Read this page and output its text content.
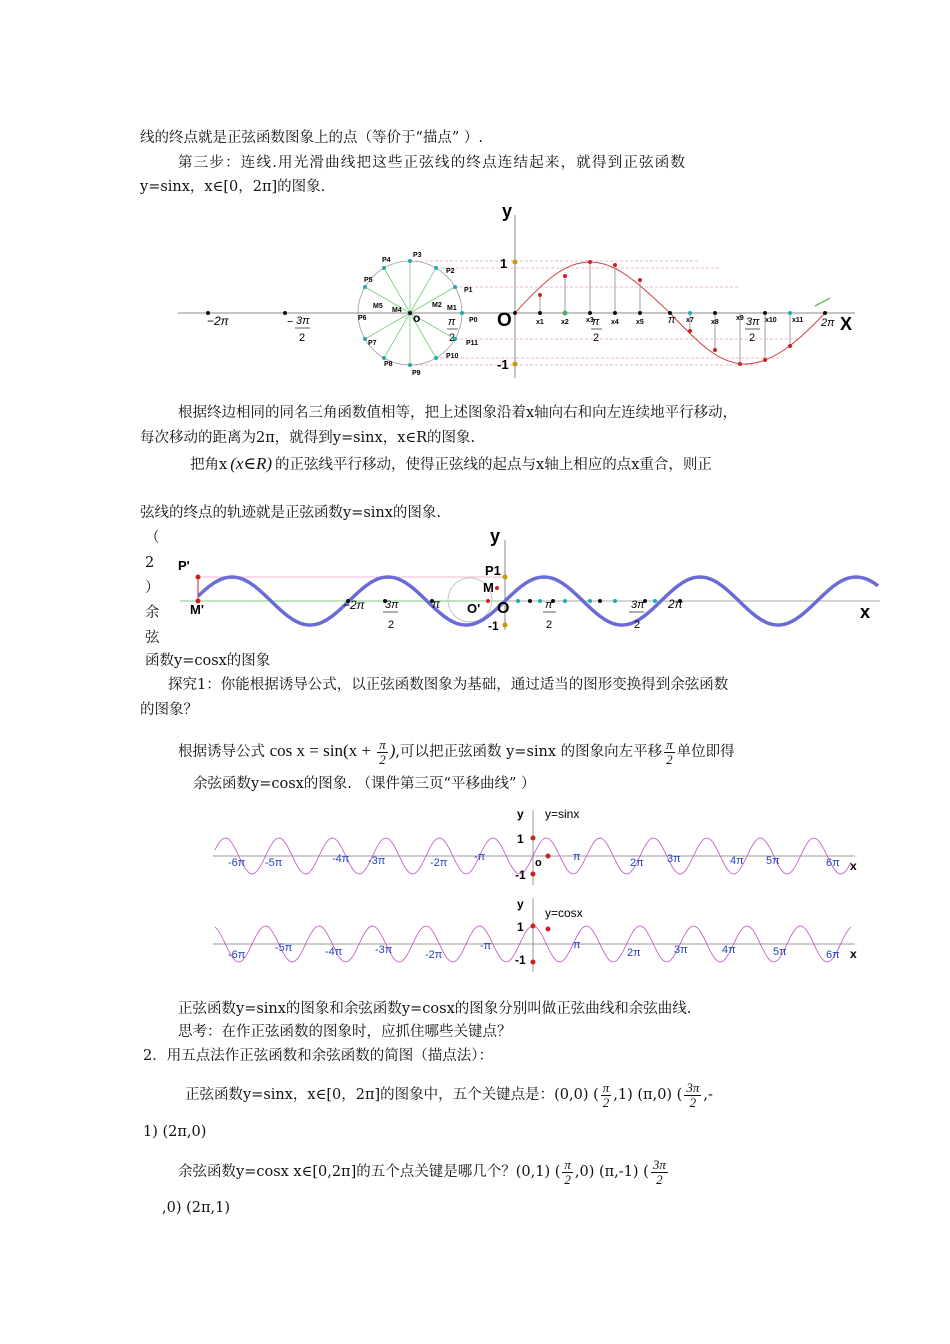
线的终点就是正弦函数图象上的点（等价于“描点” ）.
第三步：连线.用光滑曲线把这些正弦线的终点连结起来，就得到正弦函数
y=sinx，x∈[0，2π]的图象.
y
X
1
-1
O
o
−2π	− 3π
2
π
2
π
2
π	3π
2
2π
P1
P2
P3
P4
P5
P6
P7
P8
P9
P10
P11
P0
M1
M2
M4
M5
x1 x2 x3 x4 x5	x7 x8
x9	x10 x11
根据终边相同的同名三角函数值相等，把上述图象沿着x轴向右和向左连续地平行移动，
每次移动的距离为2π，就得到y=sinx，x∈R的图象.
把角x (x∈R) 的正弦线平行移动，使得正弦线的起点与x轴上相应的点x重合，则正
弦线的终点的轨迹就是正弦函数y=sinx的图象.
（
2
）
余
弦
y
x
P'
M'
P1
M
O
O'
-1
−2π 3π
2
π	π
2
3π
2
2π
函数y=cosx的图象
探究1：你能根据诱导公式，以正弦函数图象为基础，通过适当的图形变换得到余弦函数
的图象？
根据诱导公式 $\cos x = \sin(x + \frac{\pi}{2}$ ),可以把正弦函数 y=sinx 的图象向左平移 $\frac{\pi}{2}$ 单位即得
余弦函数y=cosx的图象. （课件第三页“平移曲线” ）
y=sinx
y=cosx
y
y
1
1
-1
-1
o	x
x
-6π -5π	-4π -3π	-2π -π	π	2π 3π	4π 5π	6π
-6π
-5π	-4π	-3π	-2π
-π	π
2π	3π	4π	5π	6π
正弦函数y=sinx的图象和余弦函数y=cosx的图象分别叫做正弦曲线和余弦曲线.
思考：在作正弦函数的图象时，应抓住哪些关键点？
2．用五点法作正弦函数和余弦函数的简图（描点法）：
正弦函数y=sinx，x∈[0，2π]的图象中，五个关键点是：(0,0) ( $\frac{\pi}{2} ,1$) (π,0) ( $\frac{3\pi}{2}$ ,-
1) (2π,0)
余弦函数y=cosx x∈[0,2π]的五个点关键是哪几个？(0,1) ( $\frac{\pi}{2} ,0$) (π,-1) ( $\frac{3\pi}{2}$
,0) (2π,1)
